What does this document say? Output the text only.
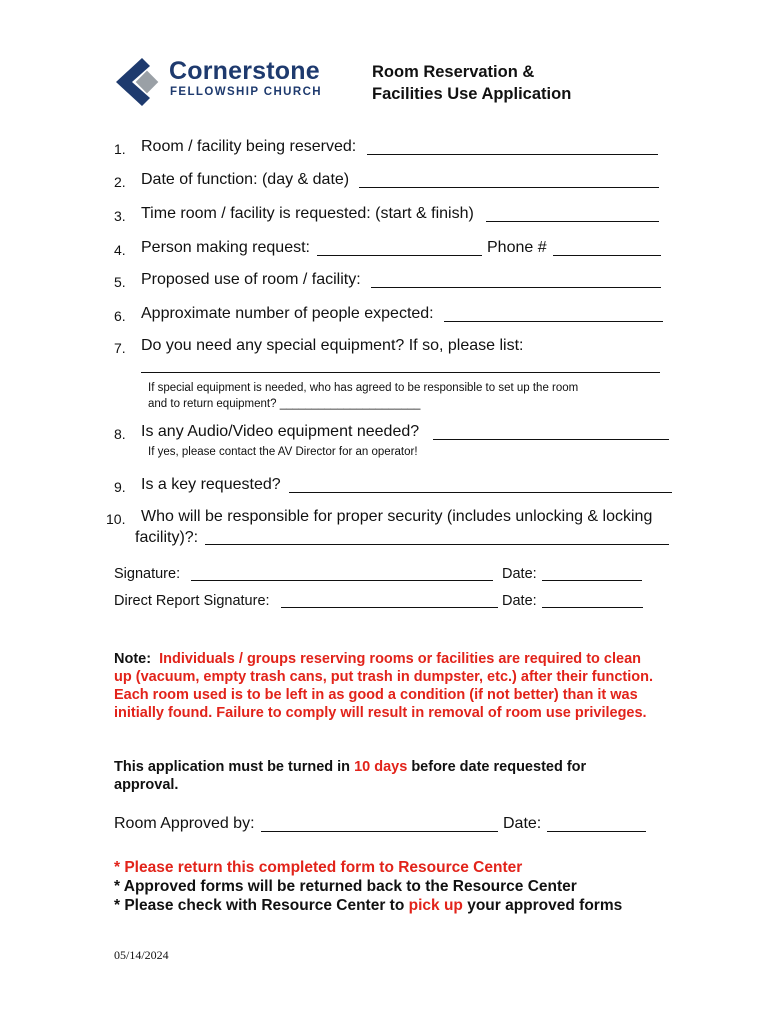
Cornerstone
FELLOWSHIP CHURCH
Room Reservation &
Facilities Use Application
1. Room / facility being reserved:
2. Date of function: (day & date)
3. Time room / facility is requested: (start & finish)
4. Person making request:	Phone #
5. Proposed use of room / facility:
6. Approximate number of people expected:
7. Do you need any special equipment? If so, please list:
If special equipment is needed, who has agreed to be responsible to set up the room
and to return equipment? ______________________
8. Is any Audio/Video equipment needed?
If yes, please contact the AV Director for an operator!
9. Is a key requested?
10. Who will be responsible for proper security (includes unlocking & locking
facility)?:
Signature:	Date:
Direct Report Signature:	Date:
Note: Individuals / groups reserving rooms or facilities are required to clean up (vacuum, empty trash cans, put trash in dumpster, etc.) after their function. Each room used is to be left in as good a condition (if not better) than it was initially found. Failure to comply will result in removal of room use privileges.
This application must be turned in 10 days before date requested for approval.
Room Approved by:	Date:
* Please return this completed form to Resource Center
* Approved forms will be returned back to the Resource Center
* Please check with Resource Center to pick up your approved forms
05/14/2024
